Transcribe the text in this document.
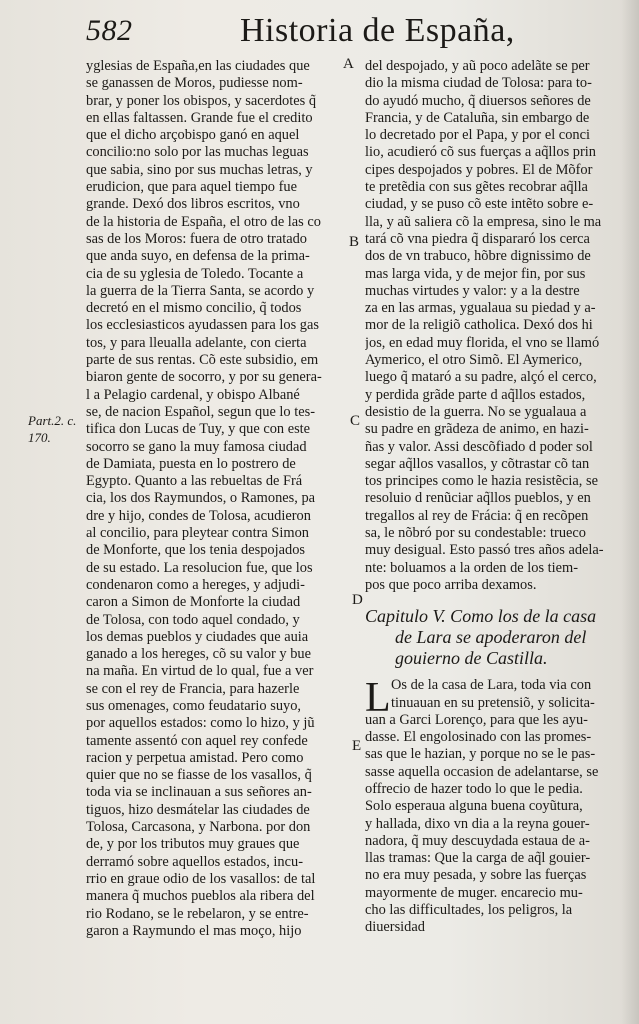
582	Historia de España,
Part.2. c.
170.
A
B
C
D
E
yglesias de España,en las ciudades que
se ganassen de Moros, pudiesse nom-
brar, y poner los obispos, y sacerdotes q̃
en ellas faltassen. Grande fue el credito
que el dicho arçobispo ganó en aquel
concilio:no solo por las muchas leguas
que sabia, sino por sus muchas letras, y
erudicion, que para aquel tiempo fue
grande. Dexó dos libros escritos, vno
de la historia de España, el otro de las co
sas de los Moros: fuera de otro tratado
que anda suyo, en defensa de la prima-
cia de su yglesia de Toledo. Tocante a
la guerra de la Tierra Santa, se acordo y
decretó en el mismo concilio, q̃ todos
los ecclesiasticos ayudassen para los gas
tos, y para lleualla adelante, con cierta
parte de sus rentas. Cõ este subsidio, em
biaron gente de socorro, y por su genera-
l a Pelagio cardenal, y obispo Albané
se, de nacion Español, segun que lo tes-
tifica don Lucas de Tuy, y que con este
socorro se gano la muy famosa ciudad
de Damiata, puesta en lo postrero de
Egypto. Quanto a las rebueltas de Frá
cia, los dos Raymundos, o Ramones, pa
dre y hijo, condes de Tolosa, acudieron
al concilio, para pleytear contra Simon
de Monforte, que los tenia despojados
de su estado. La resolucion fue, que los
condenaron como a hereges, y adjudi-
caron a Simon de Monforte la ciudad
de Tolosa, con todo aquel condado, y
los demas pueblos y ciudades que auia
ganado a los hereges, cõ su valor y bue
na maña. En virtud de lo qual, fue a ver
se con el rey de Francia, para hazerle
sus omenages, como feudatario suyo,
por aquellos estados: como lo hizo, y jũ
tamente assentó con aquel rey confede
racion y perpetua amistad. Pero como
quier que no se fiasse de los vasallos, q̃
toda via se inclinauan a sus señores an-
tiguos, hizo desmátelar las ciudades de
Tolosa, Carcasona, y Narbona. por don
de, y por los tributos muy graues que
derramó sobre aquellos estados, incu-
rrio en graue odio de los vasallos: de tal
manera q̃ muchos pueblos ala ribera del
rio Rodano, se le rebelaron, y se entre-
garon a Raymundo el mas moço, hijo
del despojado, y aũ poco adelãte se per
dio la misma ciudad de Tolosa: para to-
do ayudó mucho, q̃ diuersos señores de
Francia, y de Cataluña, sin embargo de
lo decretado por el Papa, y por el conci
lio, acudieró cõ sus fuerças a aq̃llos prin
cipes despojados y pobres. El de Mõfor
te pretẽdia con sus gẽtes recobrar aq̃lla
ciudad, y se puso cõ este intẽto sobre e-
lla, y aũ saliera cõ la empresa, sino le ma
tará cõ vna piedra q̃ dispararó los cerca
dos de vn trabuco, hõbre dignissimo de
mas larga vida, y de mejor fin, por sus
muchas virtudes y valor: y a la destre
za en las armas, ygualaua su piedad y a-
mor de la religiõ catholica. Dexó dos hi
jos, en edad muy florida, el vno se llamó
Aymerico, el otro Simõ. El Aymerico,
luego q̃ mataró a su padre, alçó el cerco,
y perdida grãde parte d aq̃llos estados,
desistio de la guerra. No se ygualaua a
su padre en grãdeza de animo, en hazi-
ñas y valor. Assi descõfiado d poder sol
segar aq̃llos vasallos, y cõtrastar cõ tan
tos principes como le hazia resistẽcia, se
resoluio d renũciar aq̃llos pueblos, y en
tregallos al rey de Frácia: q̃ en recõpen
sa, le nõbró por su condestable: trueco
muy desigual. Esto passó tres años adela-
nte: boluamos a la orden de los tiem-
pos que poco arriba dexamos.
Capitulo V. Como los de la casa
de Lara se apoderaron del
gouierno de Castilla.
L Os de la casa de Lara, toda via con
tinuauan en su pretensiõ, y solicita-
uan a Garci Lorenço, para que les ayu-
dasse. El engolosinado con las promes-
sas que le hazian, y porque no se le pas-
sasse aquella occasion de adelantarse, se
offrecio de hazer todo lo que le pedia.
Solo esperaua alguna buena coyũtura,
y hallada, dixo vn dia a la reyna gouer-
nadora, q̃ muy descuydada estaua de a-
llas tramas: Que la carga de aq̃l gouier-
no era muy pesada, y sobre las fuerças
mayormente de muger. encarecio mu-
cho las difficultades, los peligros, la
diuersidad
